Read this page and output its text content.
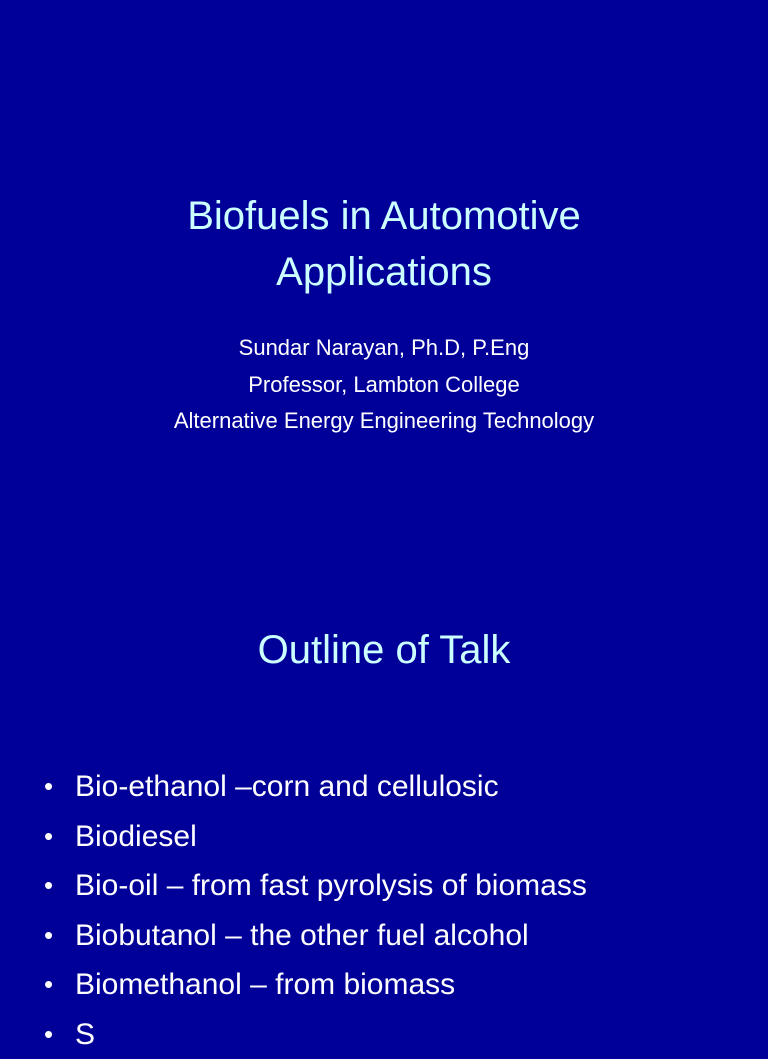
Biofuels in Automotive
Applications
Sundar Narayan, Ph.D, P.Eng
Professor, Lambton College
Alternative Energy Engineering Technology
Outline of Talk
• Bio-ethanol –corn and cellulosic
• Biodiesel
• Bio-oil – from fast pyrolysis of biomass
• Biobutanol – the other fuel alcohol
• Biomethanol – from biomass
• S
